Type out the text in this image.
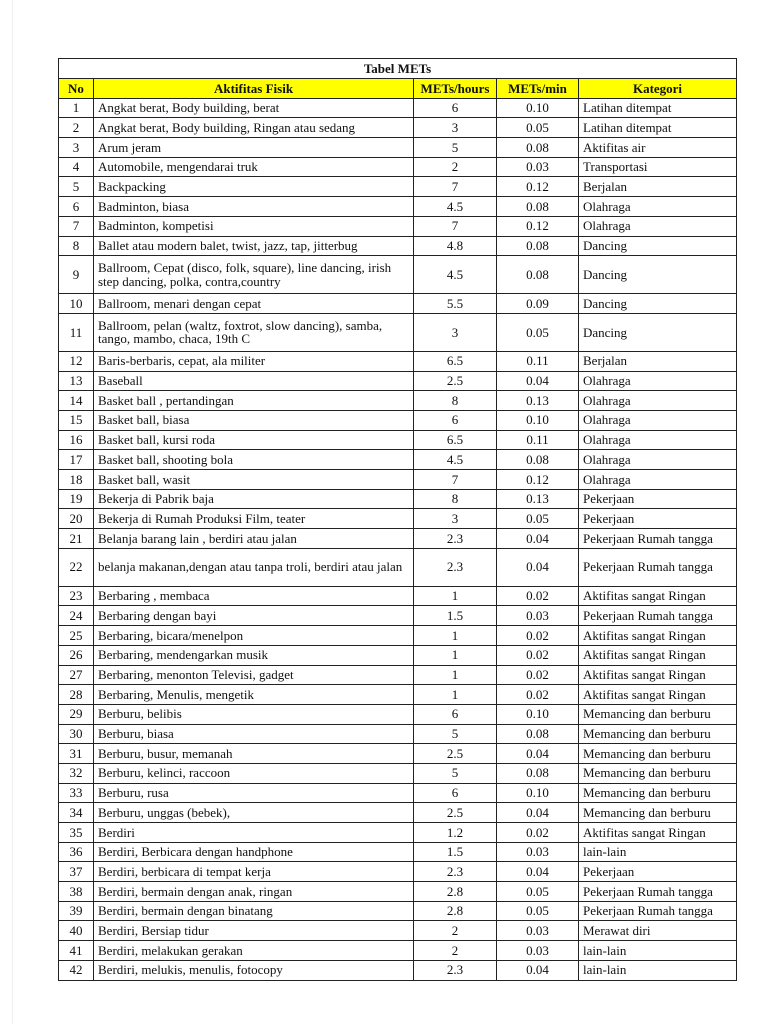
Tabel METs				
No	Aktifitas Fisik	METs/hours	METs/min	Kategori
1	Angkat berat, Body building, berat	6	0.10	Latihan ditempat
2	Angkat berat, Body building, Ringan atau sedang	3	0.05	Latihan ditempat
3	Arum jeram	5	0.08	Aktifitas air
4	Automobile, mengendarai truk	2	0.03	Transportasi
5	Backpacking	7	0.12	Berjalan
6	Badminton, biasa	4.5	0.08	Olahraga
7	Badminton, kompetisi	7	0.12	Olahraga
8	Ballet atau modern balet, twist, jazz, tap, jitterbug	4.8	0.08	Dancing
9	Ballroom, Cepat (disco, folk, square), line dancing, irish step dancing, polka, contra,country	4.5	0.08	Dancing
10	Ballroom, menari dengan cepat	5.5	0.09	Dancing
11	Ballroom, pelan (waltz, foxtrot, slow dancing), samba, tango, mambo, chaca, 19th C	3	0.05	Dancing
12	Baris-berbaris, cepat, ala militer	6.5	0.11	Berjalan
13	Baseball	2.5	0.04	Olahraga
14	Basket ball , pertandingan	8	0.13	Olahraga
15	Basket ball, biasa	6	0.10	Olahraga
16	Basket ball, kursi roda	6.5	0.11	Olahraga
17	Basket ball, shooting bola	4.5	0.08	Olahraga
18	Basket ball, wasit	7	0.12	Olahraga
19	Bekerja di Pabrik baja	8	0.13	Pekerjaan
20	Bekerja di Rumah Produksi Film, teater	3	0.05	Pekerjaan
21	Belanja barang lain , berdiri atau jalan	2.3	0.04	Pekerjaan Rumah tangga
22	belanja makanan,dengan atau tanpa troli, berdiri atau jalan	2.3	0.04	Pekerjaan Rumah tangga
23	Berbaring , membaca	1	0.02	Aktifitas sangat Ringan
24	Berbaring dengan bayi	1.5	0.03	Pekerjaan Rumah tangga
25	Berbaring, bicara/menelpon	1	0.02	Aktifitas sangat Ringan
26	Berbaring, mendengarkan musik	1	0.02	Aktifitas sangat Ringan
27	Berbaring, menonton Televisi, gadget	1	0.02	Aktifitas sangat Ringan
28	Berbaring, Menulis, mengetik	1	0.02	Aktifitas sangat Ringan
29	Berburu, belibis	6	0.10	Memancing dan berburu
30	Berburu, biasa	5	0.08	Memancing dan berburu
31	Berburu, busur, memanah	2.5	0.04	Memancing dan berburu
32	Berburu, kelinci, raccoon	5	0.08	Memancing dan berburu
33	Berburu, rusa	6	0.10	Memancing dan berburu
34	Berburu, unggas (bebek),	2.5	0.04	Memancing dan berburu
35	Berdiri	1.2	0.02	Aktifitas sangat Ringan
36	Berdiri, Berbicara dengan handphone	1.5	0.03	lain-lain
37	Berdiri, berbicara di tempat kerja	2.3	0.04	Pekerjaan
38	Berdiri, bermain dengan anak, ringan	2.8	0.05	Pekerjaan Rumah tangga
39	Berdiri, bermain dengan binatang	2.8	0.05	Pekerjaan Rumah tangga
40	Berdiri, Bersiap tidur	2	0.03	Merawat diri
41	Berdiri, melakukan gerakan	2	0.03	lain-lain
42	Berdiri, melukis, menulis, fotocopy	2.3	0.04	lain-lain
